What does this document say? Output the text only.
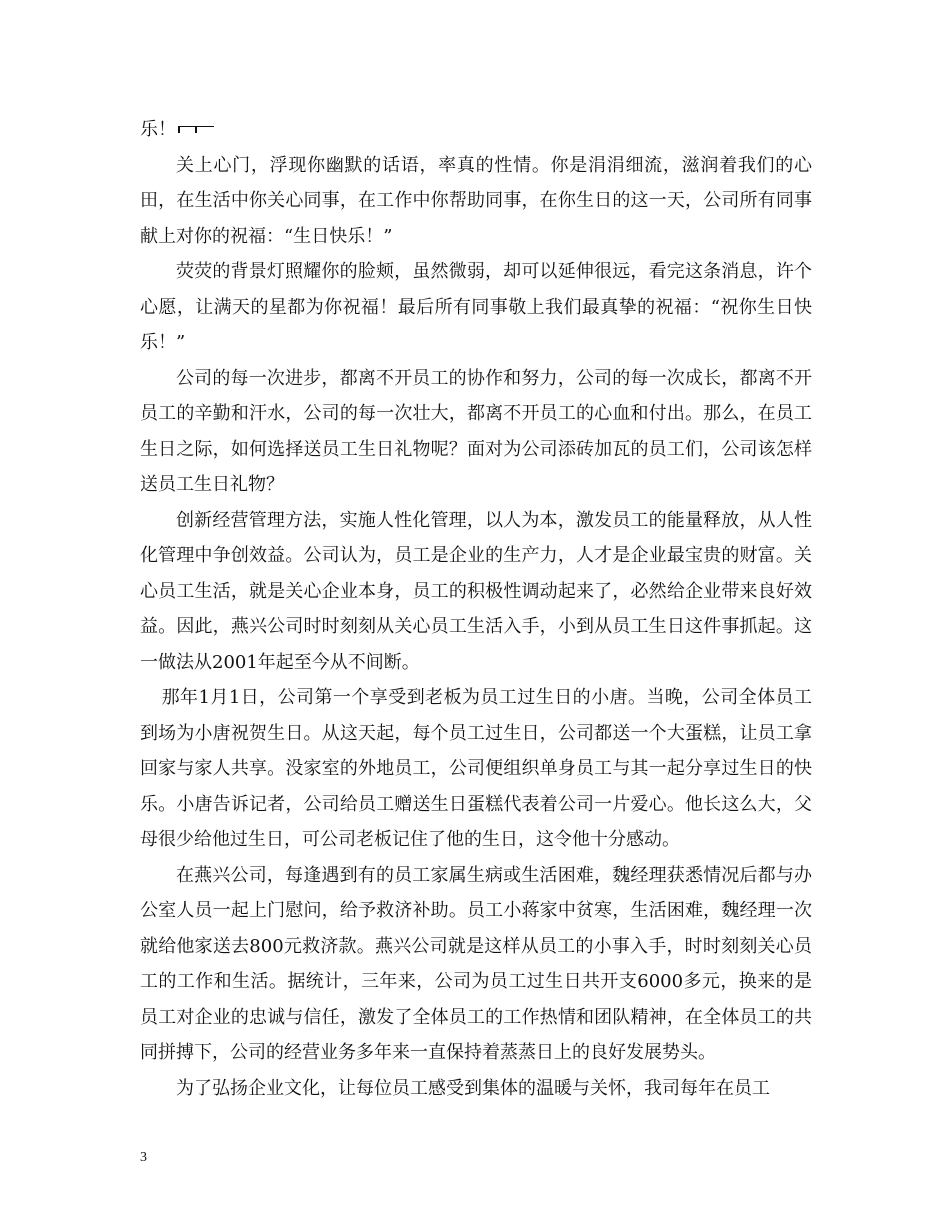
乐！

关上心门，浮现你幽默的话语，率真的性情。你是涓涓细流，滋润着我们的心田，在生活中你关心同事，在工作中你帮助同事，在你生日的这一天，公司所有同事献上对你的祝福：“生日快乐！”

荧荧的背景灯照耀你的脸颊，虽然微弱，却可以延伸很远，看完这条消息，许个心愿，让满天的星都为你祝福！最后所有同事敬上我们最真挚的祝福：“祝你生日快乐！”

公司的每一次进步，都离不开员工的协作和努力，公司的每一次成长，都离不开员工的辛勤和汗水，公司的每一次壮大，都离不开员工的心血和付出。那么，在员工生日之际，如何选择送员工生日礼物呢？面对为公司添砖加瓦的员工们，公司该怎样送员工生日礼物？

创新经营管理方法，实施人性化管理，以人为本，激发员工的能量释放，从人性化管理中争创效益。公司认为，员工是企业的生产力，人才是企业最宝贵的财富。关心员工生活，就是关心企业本身，员工的积极性调动起来了，必然给企业带来良好效益。因此，燕兴公司时时刻刻从关心员工生活入手，小到从员工生日这件事抓起。这一做法从2001年起至今从不间断。

那年1月1日，公司第一个享受到老板为员工过生日的小唐。当晚，公司全体员工到场为小唐祝贺生日。从这天起，每个员工过生日，公司都送一个大蛋糕，让员工拿回家与家人共享。没家室的外地员工，公司便组织单身员工与其一起分享过生日的快乐。小唐告诉记者，公司给员工赠送生日蛋糕代表着公司一片爱心。他长这么大，父母很少给他过生日，可公司老板记住了他的生日，这令他十分感动。

在燕兴公司，每逢遇到有的员工家属生病或生活困难，魏经理获悉情况后都与办公室人员一起上门慰问，给予救济补助。员工小蒋家中贫寒，生活困难，魏经理一次就给他家送去800元救济款。燕兴公司就是这样从员工的小事入手，时时刻刻关心员工的工作和生活。据统计，三年来，公司为员工过生日共开支6000多元，换来的是员工对企业的忠诚与信任，激发了全体员工的工作热情和团队精神，在全体员工的共同拼搏下，公司的经营业务多年来一直保持着蒸蒸日上的良好发展势头。

为了弘扬企业文化，让每位员工感受到集体的温暖与关怀，我司每年在员工

3
